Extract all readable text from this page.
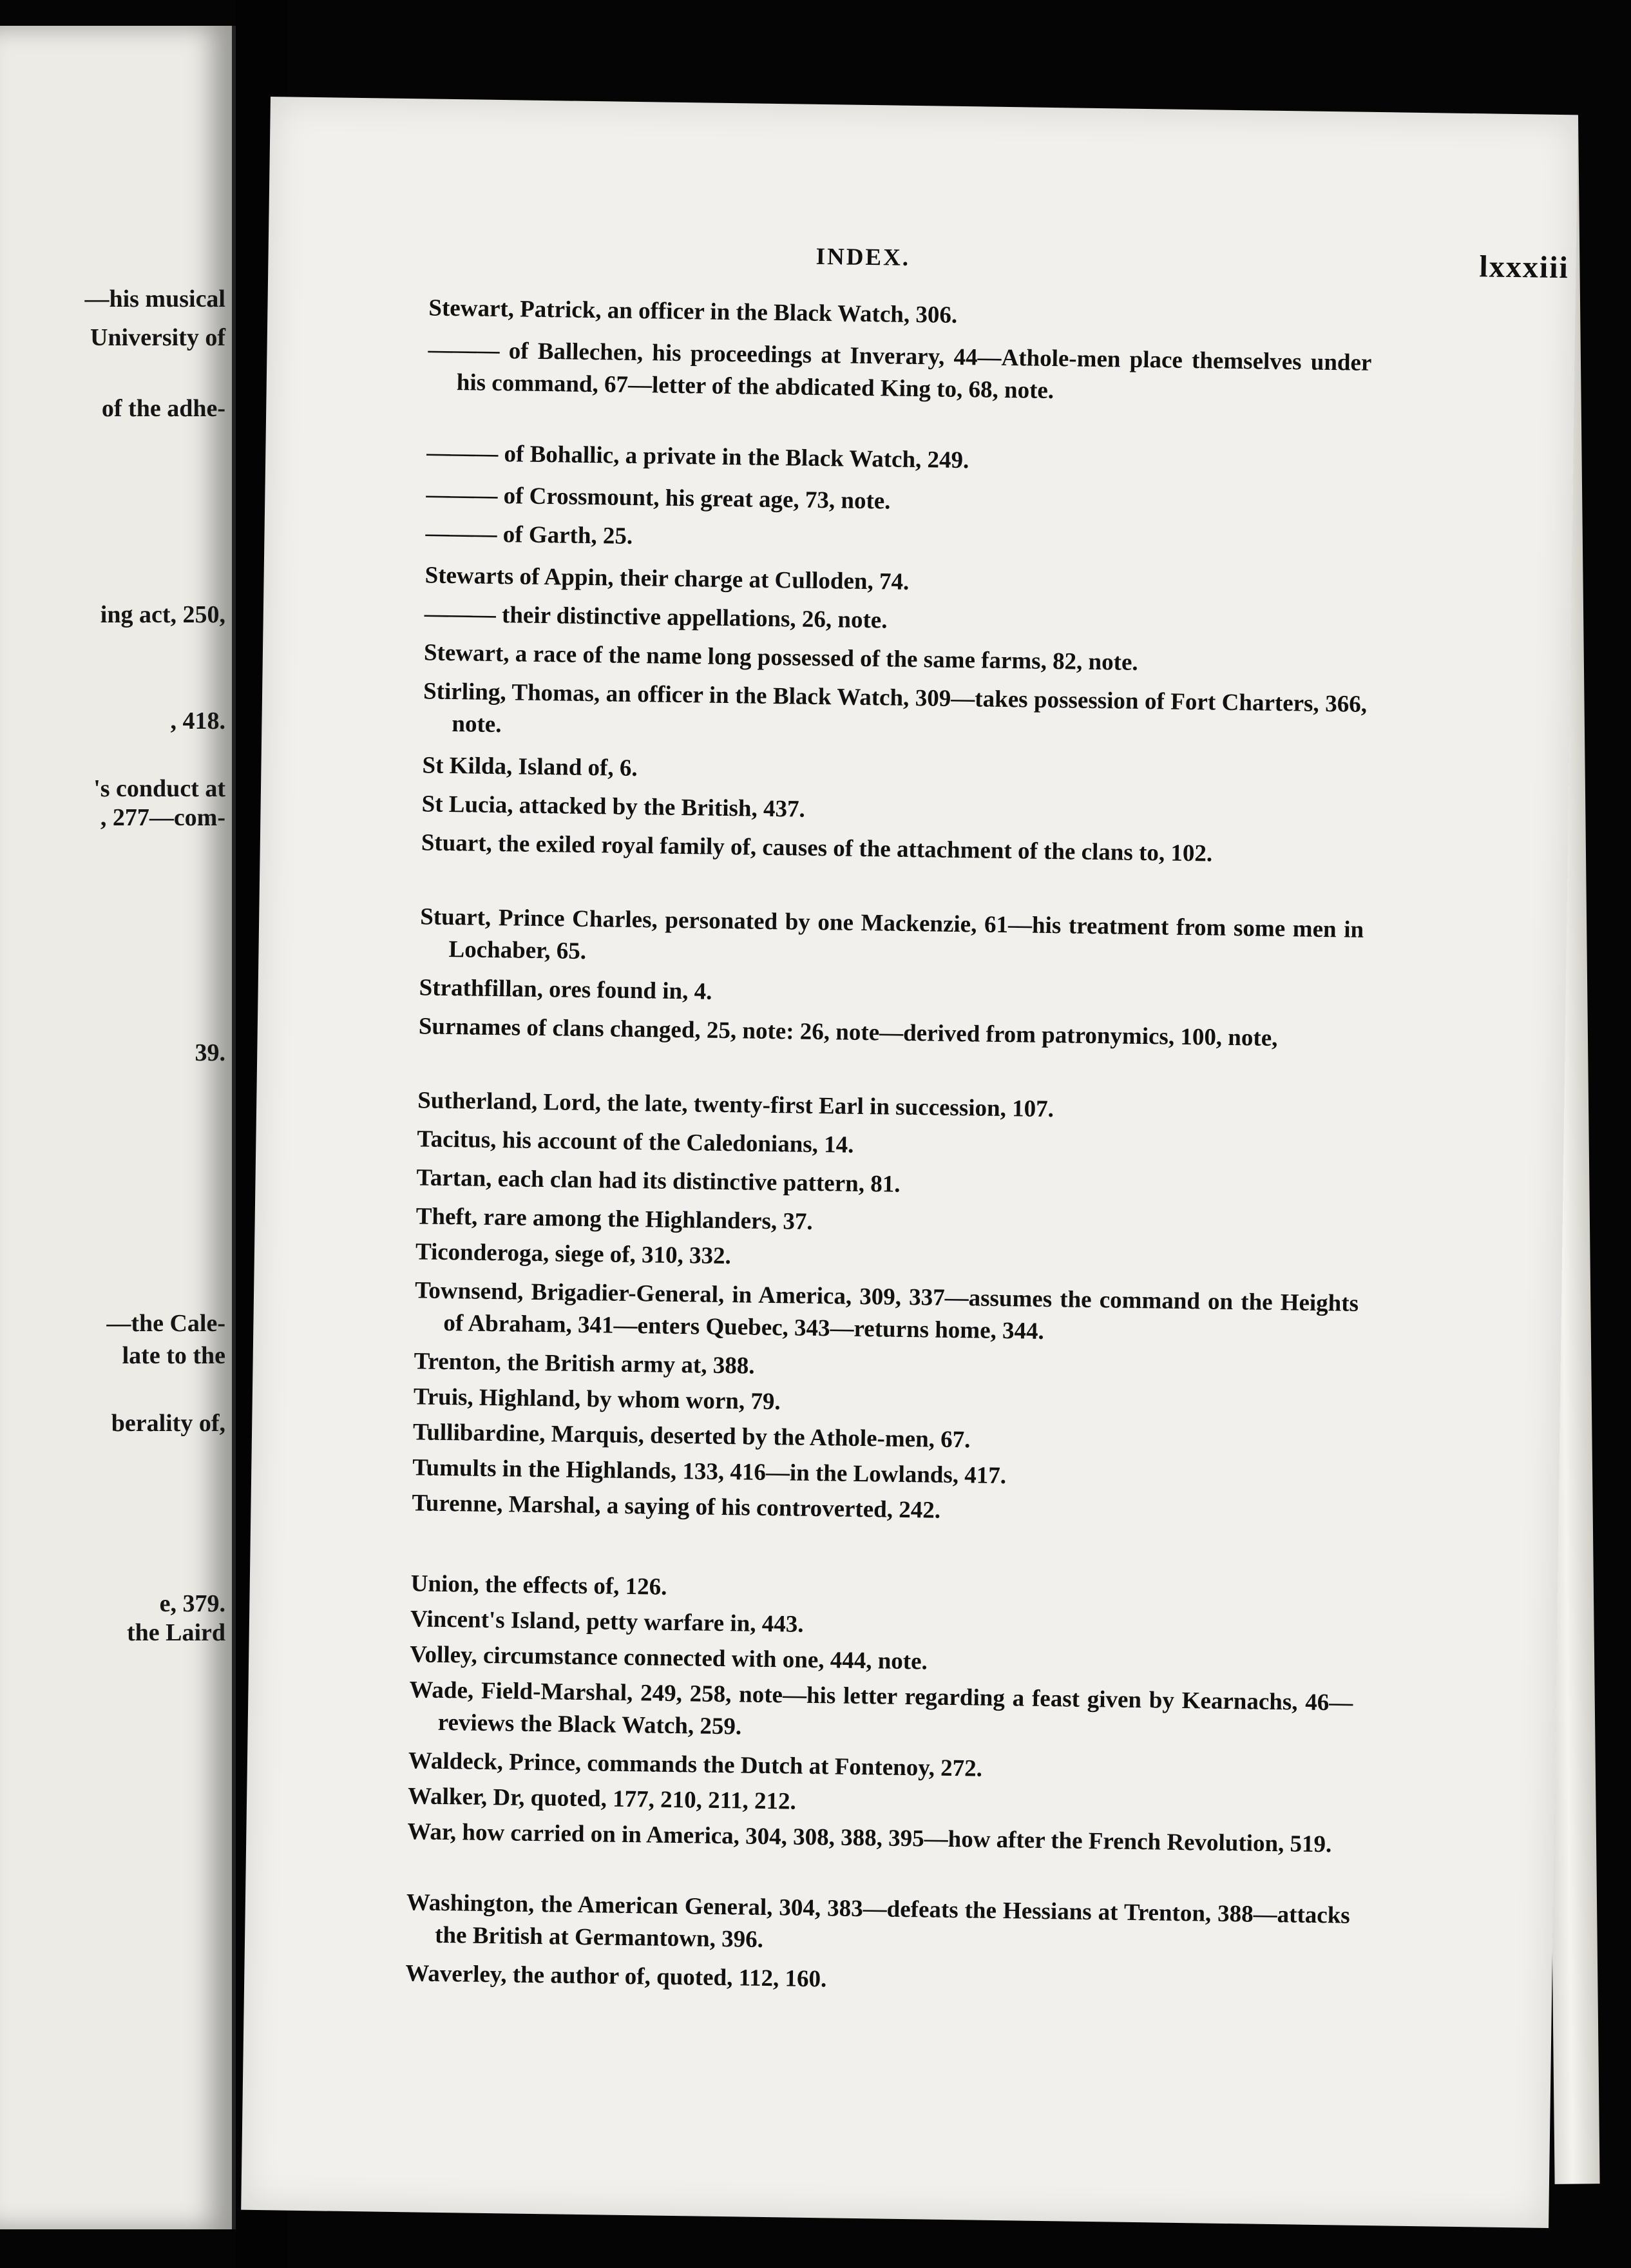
—his musical
University of
of the adhe-
ing act, 250,
, 418.
's conduct at
, 277—com-
39.
—the Cale-
late to the
berality of,
e, 379.
the Laird
INDEX.	lxxxiii
Stewart, Patrick, an officer in the Black Watch, 306.
——— of Ballechen, his proceedings at Inverary, 44—Athole-men place themselves under his command, 67—letter of the abdicated King to, 68, note.
——— of Bohallic, a private in the Black Watch, 249.
——— of Crossmount, his great age, 73, note.
——— of Garth, 25.
Stewarts of Appin, their charge at Culloden, 74.
——— their distinctive appellations, 26, note.
Stewart, a race of the name long possessed of the same farms, 82, note.
Stirling, Thomas, an officer in the Black Watch, 309—takes possession of Fort Charters, 366, note.
St Kilda, Island of, 6.
St Lucia, attacked by the British, 437.
Stuart, the exiled royal family of, causes of the attachment of the clans to, 102.
Stuart, Prince Charles, personated by one Mackenzie, 61—his treatment from some men in Lochaber, 65.
Strathfillan, ores found in, 4.
Surnames of clans changed, 25, note: 26, note—derived from patronymics, 100, note,
Sutherland, Lord, the late, twenty-first Earl in succession, 107.
Tacitus, his account of the Caledonians, 14.
Tartan, each clan had its distinctive pattern, 81.
Theft, rare among the Highlanders, 37.
Ticonderoga, siege of, 310, 332.
Townsend, Brigadier-General, in America, 309, 337—assumes the command on the Heights of Abraham, 341—enters Quebec, 343—returns home, 344.
Trenton, the British army at, 388.
Truis, Highland, by whom worn, 79.
Tullibardine, Marquis, deserted by the Athole-men, 67.
Tumults in the Highlands, 133, 416—in the Lowlands, 417.
Turenne, Marshal, a saying of his controverted, 242.
Union, the effects of, 126.
Vincent's Island, petty warfare in, 443.
Volley, circumstance connected with one, 444, note.
Wade, Field-Marshal, 249, 258, note—his letter regarding a feast given by Kearnachs, 46—reviews the Black Watch, 259.
Waldeck, Prince, commands the Dutch at Fontenoy, 272.
Walker, Dr, quoted, 177, 210, 211, 212.
War, how carried on in America, 304, 308, 388, 395—how after the French Revolution, 519.
Washington, the American General, 304, 383—defeats the Hessians at Trenton, 388—attacks the British at Germantown, 396.
Waverley, the author of, quoted, 112, 160.
